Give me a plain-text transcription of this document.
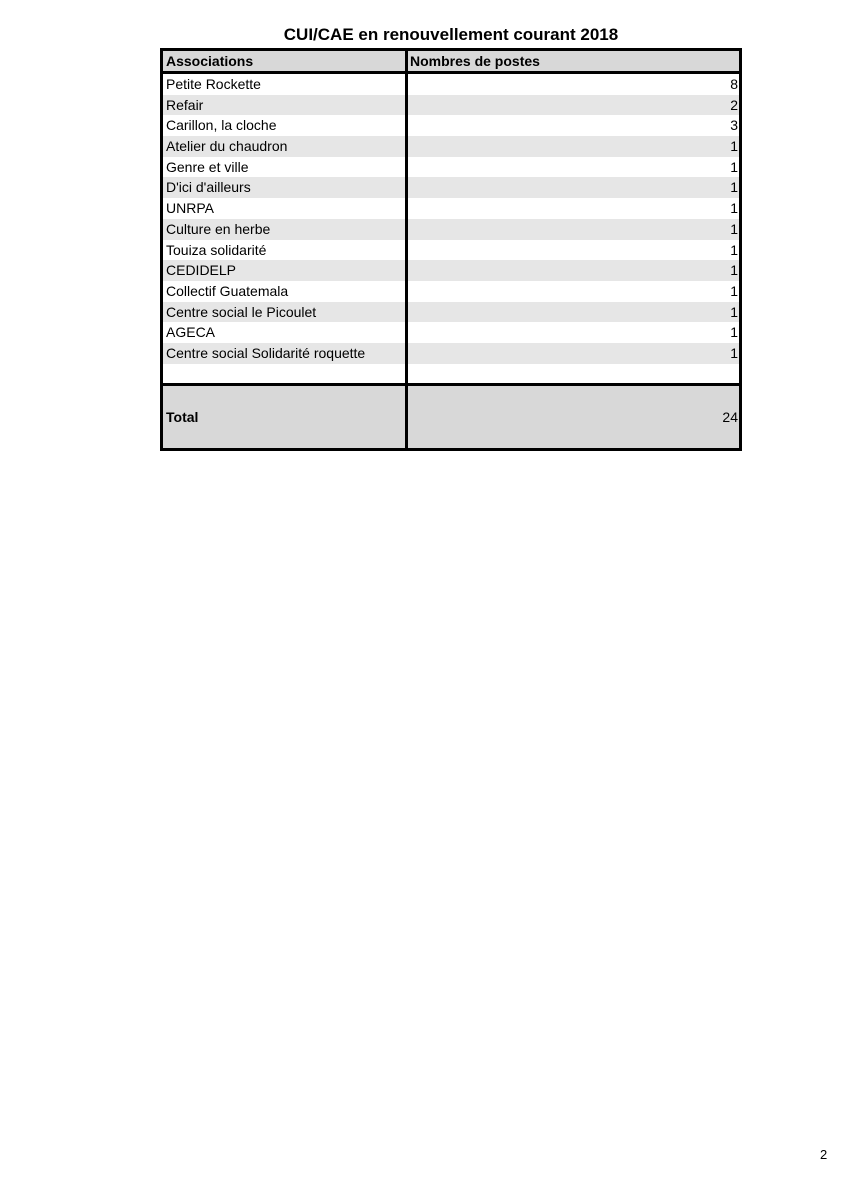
CUI/CAE en renouvellement courant 2018
Associations	Nombres de postes
Petite Rockette	8
Refair	2
Carillon, la cloche	3
Atelier du chaudron	1
Genre et ville	1
D'ici d'ailleurs	1
UNRPA	1
Culture en herbe	1
Touiza solidarité	1
CEDIDELP	1
Collectif Guatemala	1
Centre social le Picoulet	1
AGECA	1
Centre social Solidarité roquette	1
Total	24
2
